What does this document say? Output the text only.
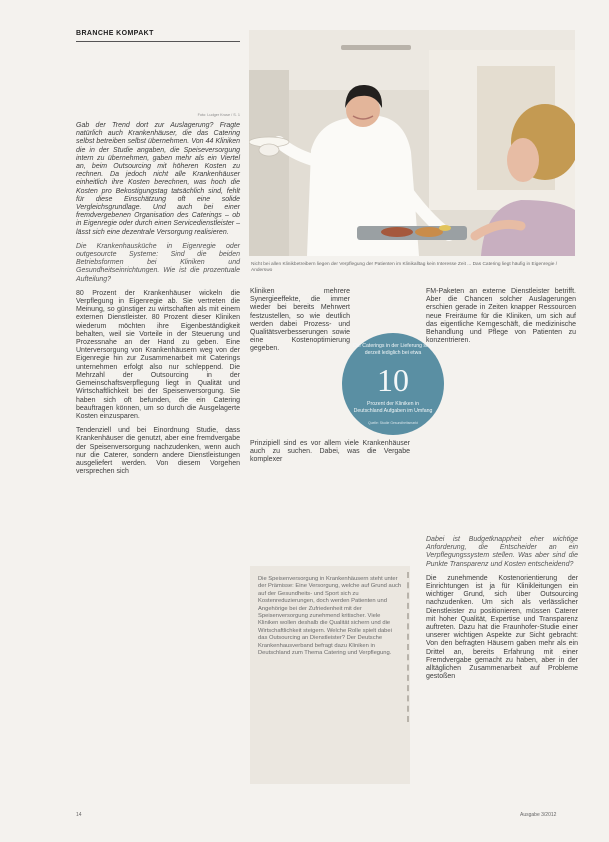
BRANCHE KOMPAKT
Foto: Ludger Kruse / S. 1
Nicht bei allen Klinikbetreibern liegen der Verpflegung der Patienten im Klinikalltag kein Interesse Zeit ... Das Catering liegt häufig in Eigenregie / Anderswo

Gab der Trend dort zur Auslagerung? Fragte natürlich auch Krankenhäuser, die das Catering selbst betreiben selbst übernehmen. Von 44 Kliniken die in der Studie angaben, die Speiseversorgung intern zu übernehmen, gaben mehr als ein Viertel an, beim Outsourcing mit höheren Kosten zu rechnen. Da jedoch nicht alle Krankenhäuser einheitlich ihre Kosten berechnen, was hoch die Kosten pro Bekostigungstag tatsächlich sind, fehlt für diese Einschätzung oft eine solide Vergleichsgrundlage. Und auch bei einer fremdvergebenen Organisation des Caterings – ob in Eigenregie oder durch einen Servicedienstleister – lässt sich eine dezentrale Versorgung realisieren.

Die Krankenhausküche in Eigenregie oder outgesourcte Systeme: Sind die beiden Betriebsformen bei Kliniken und Gesundheitseinrichtungen. Wie ist die prozentuale Aufteilung?

80 Prozent der Krankenhäuser wickeln die Verpflegung in Eigenregie ab. Sie vertreten die Meinung, so günstiger zu wirtschaften als mit einem externen Dienstleister. 80 Prozent dieser Kliniken wiederum möchten ihre Eigenbeständigkeit behalten, weil sie Vorteile in der Steuerung und Prozessnahe an der Hand zu geben. Eine Unterversorgung von Krankenhäusern weg von der Eigenregie hin zur Zusammenarbeit mit Caterings unternehmen erfolgt also nur schleppend. Die Mehrzahl der Outsourcing in der Gemeinschaftsverpflegung liegt in Qualität und Wirtschaftlichkeit bei der Speisenversorgung. Sie haben sich oft befunden, die ein Catering beauftragen können, um so durch die Ausgelagerte Kosten einzusparen.

Tendenziell und bei Einordnung Studie, dass Krankenhäuser die genutzt, aber eine fremdvergabe der Speisenversorgung nachzudenken, wenn auch nur die Caterer, sondern andere Dienstleistungen ausgeliefert werden. Von diesem Vorgehen versprechen sich

Kliniken mehrere Synergieeffekte, die immer wieder bei bereits Mehrwert festzustellen, so wie deutlich werden dabei Prozess- und Qualitätsverbesserungen sowie eine Kostenoptimierung gegeben.

Prinzipiell sind es vor allem viele Krankenhäuser auch zu suchen. Dabei, was die Vergabe komplexer

Die Caterings in der Lieferung sind derzeit lediglich bei etwa
10
Prozent der Kliniken in Deutschland Aufgaben im Umfang
Quelle: Studie Gesundheitsmarkt
Die Speisenversorgung in Krankenhäusern steht unter der Prämisse: Eine Versorgung, welche auf Grund auch auf der Gesundheits- und Sport sich zu Kostenreduzierungen, doch werden Patienten und Angehörige bei der Zufriedenheit mit der Speisenversorgung zunehmend kritischer. Viele Kliniken wollen deshalb die Qualität sichern und die Wirtschaftlichkeit steigern. Welche Rolle spielt dabei das Outsourcing an Dienstleister? Der Deutsche Krankenhausverband befragt dazu Kliniken in Deutschland zum Thema Catering und Verpflegung.

FM-Paketen an externe Dienstleister betrifft. Aber die Chancen solcher Auslagerungen erschien gerade in Zeiten knapper Ressourcen neue Freiräume für die Kliniken, um sich auf das eigentliche Kerngeschäft, die medizinische Behandlung und Pflege von Patienten zu konzentrieren.

Dabei ist Budgetknappheit eher wichtige Anforderung, die Entscheider an ein Verpflegungssystem stellen. Was aber sind die Punkte Transparenz und Kosten entscheidend?

Die zunehmende Kostenorientierung der Einrichtungen ist ja für Klinikleitungen ein wichtiger Grund, sich über Outsourcing nachzudenken. Um sich als verlässlicher Dienstleister zu positionieren, müssen Caterer mit hoher Qualität, Expertise und Transparenz auftreten. Dazu hat die Fraunhofer-Studie einer unserer wichtigen Aspekte zur Sicht gebracht: Von den befragten Häusern gaben mehr als ein Drittel an, bereits Erfahrung mit einer Fremdvergabe gemacht zu haben, aber in der alltäglichen Zusammenarbeit auf Probleme gestoßen

14	Ausgabe 3/2012
